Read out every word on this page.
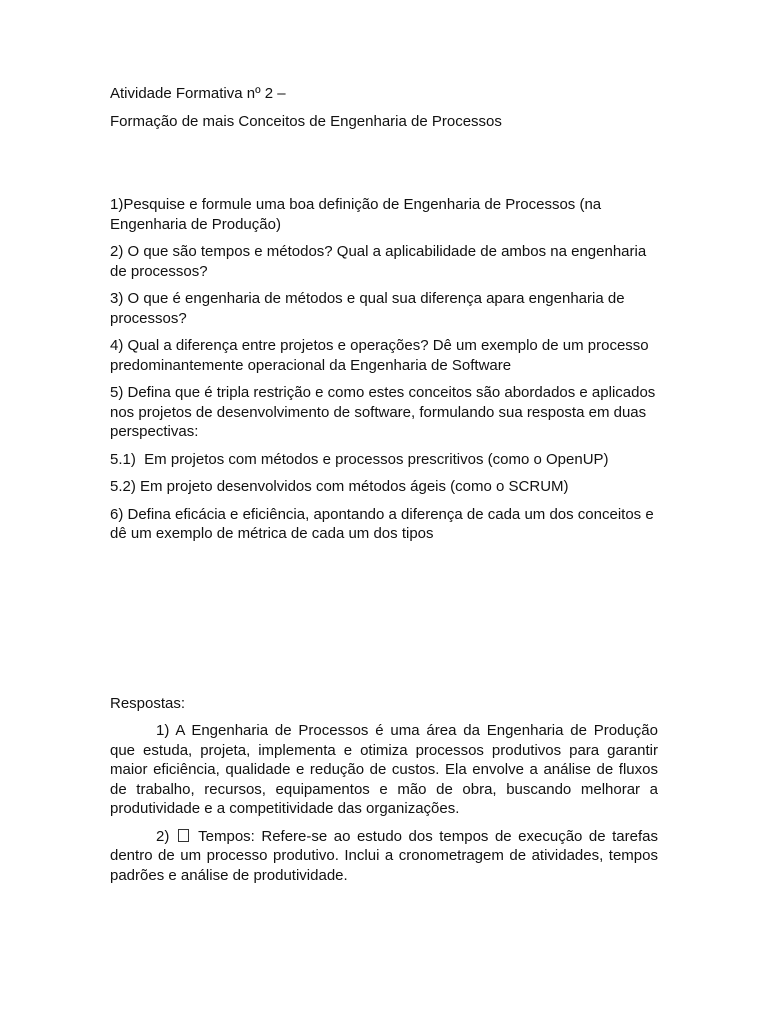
Atividade Formativa nº 2 –

Formação de mais Conceitos de Engenharia de Processos

1)Pesquise e formule uma boa definição de Engenharia de Processos (na Engenharia de Produção)

2) O que são tempos e métodos? Qual a aplicabilidade de ambos na engenharia de processos?

3) O que é engenharia de métodos e qual sua diferença apara engenharia de processos?

4) Qual a diferença entre projetos e operações? Dê um exemplo de um processo predominantemente operacional da Engenharia de Software

5) Defina que é tripla restrição e como estes conceitos são abordados e aplicados nos projetos de desenvolvimento de software, formulando sua resposta em duas perspectivas:

5.1)  Em projetos com métodos e processos prescritivos (como o OpenUP)

5.2) Em projeto desenvolvidos com métodos ágeis (como o SCRUM)

6) Defina eficácia e eficiência, apontando a diferença de cada um dos conceitos e dê um exemplo de métrica de cada um dos tipos

Respostas:

1) A Engenharia de Processos é uma área da Engenharia de Produção que estuda, projeta, implementa e otimiza processos produtivos para garantir maior eficiência, qualidade e redução de custos. Ela envolve a análise de fluxos de trabalho, recursos, equipamentos e mão de obra, buscando melhorar a produtividade e a competitividade das organizações.

2) Tempos: Refere-se ao estudo dos tempos de execução de tarefas dentro de um processo produtivo. Inclui a cronometragem de atividades, tempos padrões e análise de produtividade.
